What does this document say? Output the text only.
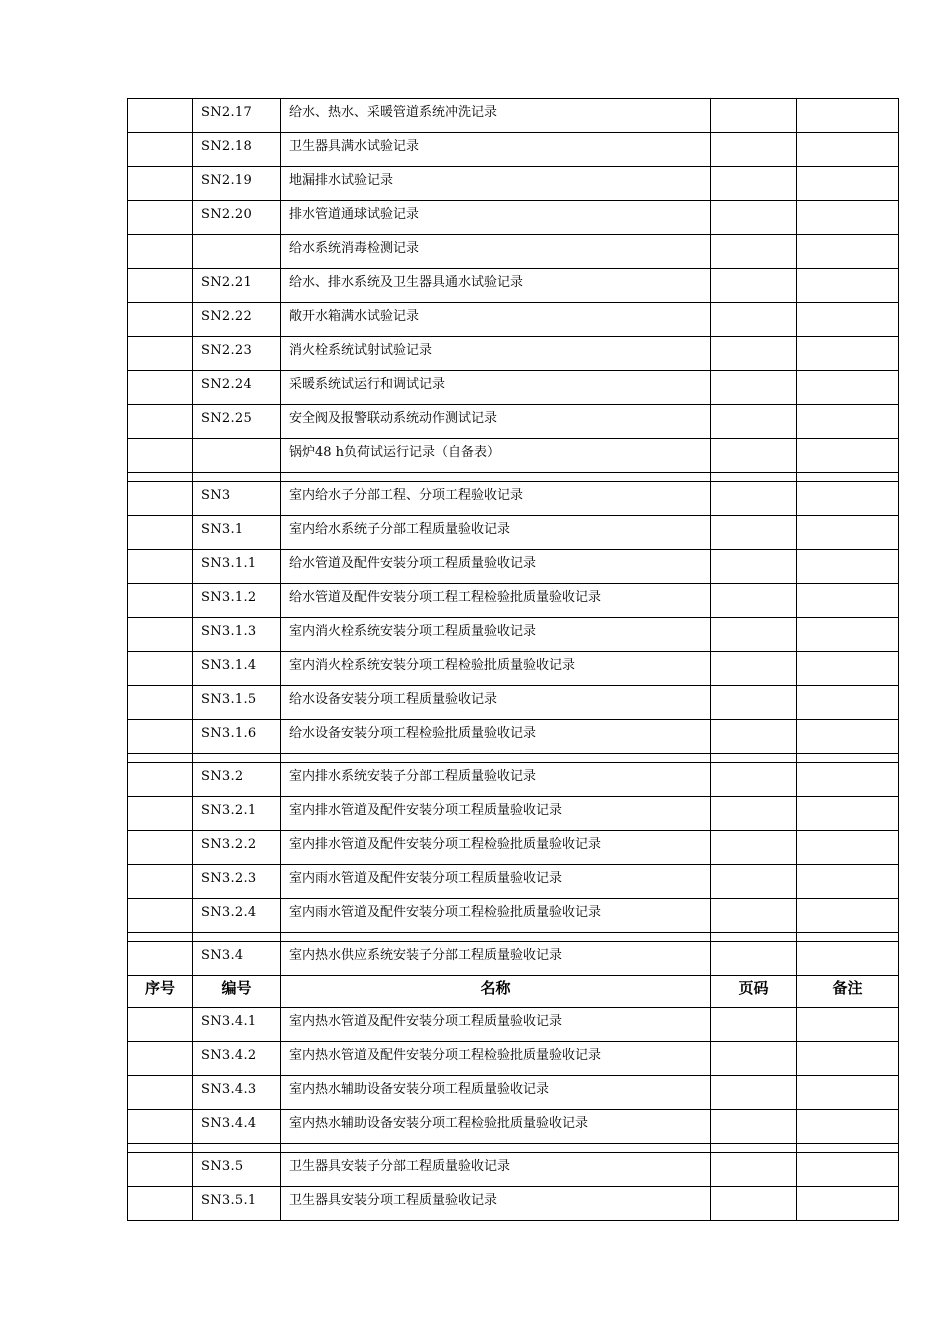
	SN2.17	给水、热水、采暖管道系统冲洗记录		
	SN2.18	卫生器具满水试验记录		
	SN2.19	地漏排水试验记录		
	SN2.20	排水管道通球试验记录		
		给水系统消毒检测记录		
	SN2.21	给水、排水系统及卫生器具通水试验记录		
	SN2.22	敞开水箱满水试验记录		
	SN2.23	消火栓系统试射试验记录		
	SN2.24	采暖系统试运行和调试记录		
	SN2.25	安全阀及报警联动系统动作测试记录		
		锅炉48 h负荷试运行记录（自备表）		

	SN3	室内给水子分部工程、分项工程验收记录		
	SN3.1	室内给水系统子分部工程质量验收记录		
	SN3.1.1	给水管道及配件安装分项工程质量验收记录		
	SN3.1.2	给水管道及配件安装分项工程工程检验批质量验收记录		
	SN3.1.3	室内消火栓系统安装分项工程质量验收记录		
	SN3.1.4	室内消火栓系统安装分项工程检验批质量验收记录		
	SN3.1.5	给水设备安装分项工程质量验收记录		
	SN3.1.6	给水设备安装分项工程检验批质量验收记录		

	SN3.2	室内排水系统安装子分部工程质量验收记录		
	SN3.2.1	室内排水管道及配件安装分项工程质量验收记录		
	SN3.2.2	室内排水管道及配件安装分项工程检验批质量验收记录		
	SN3.2.3	室内雨水管道及配件安装分项工程质量验收记录		
	SN3.2.4	室内雨水管道及配件安装分项工程检验批质量验收记录		

	SN3.4	室内热水供应系统安装子分部工程质量验收记录		
序号	编号	名称	页码	备注
	SN3.4.1	室内热水管道及配件安装分项工程质量验收记录		
	SN3.4.2	室内热水管道及配件安装分项工程检验批质量验收记录		
	SN3.4.3	室内热水辅助设备安装分项工程质量验收记录		
	SN3.4.4	室内热水辅助设备安装分项工程检验批质量验收记录		

	SN3.5	卫生器具安装子分部工程质量验收记录		
	SN3.5.1	卫生器具安装分项工程质量验收记录		
